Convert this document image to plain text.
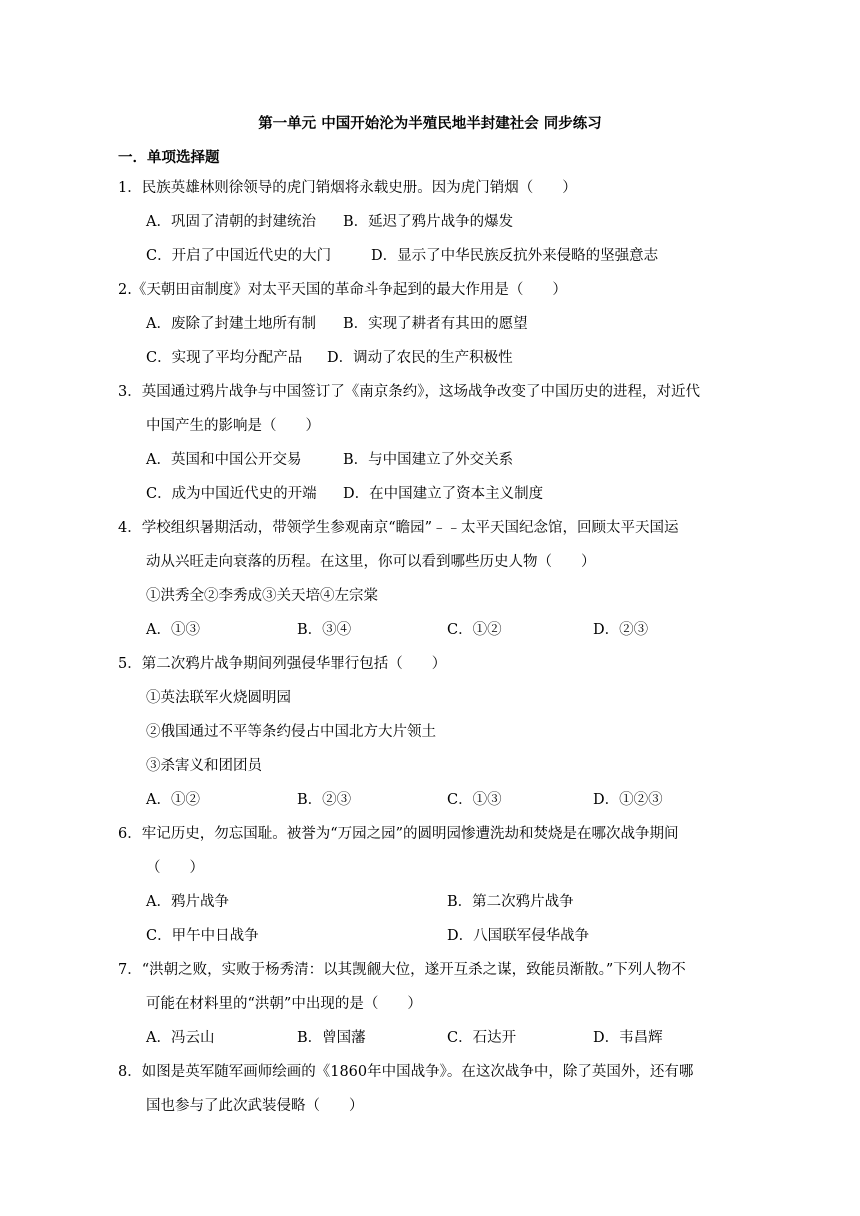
第一单元 中国开始沦为半殖民地半封建社会 同步练习
一．单项选择题
1．民族英雄林则徐领导的虎门销烟将永载史册。因为虎门销烟（　　）
A．巩固了清朝的封建统治 B．延迟了鸦片战争的爆发
C．开启了中国近代史的大门	D．显示了中华民族反抗外来侵略的坚强意志
2.《天朝田亩制度》对太平天国的革命斗争起到的最大作用是（　　）
A．废除了封建土地所有制 B．实现了耕者有其田的愿望
C．实现了平均分配产品 D．调动了农民的生产积极性
3．英国通过鸦片战争与中国签订了《南京条约》，这场战争改变了中国历史的进程，对近代
中国产生的影响是（　　）
A．英国和中国公开交易	B．与中国建立了外交关系
C．成为中国近代史的开端 D．在中国建立了资本主义制度
4．学校组织暑期活动，带领学生参观南京“瞻园”﹣﹣太平天国纪念馆，回顾太平天国运
动从兴旺走向衰落的历程。在这里，你可以看到哪些历史人物（　　）
①洪秀全②李秀成③关天培④左宗棠
A．①③	B．③④	C．①②	D．②③
5．第二次鸦片战争期间列强侵华罪行包括（　　）
①英法联军火烧圆明园
②俄国通过不平等条约侵占中国北方大片领土
③杀害义和团团员
A．①②	B．②③	C．①③	D．①②③
6．牢记历史，勿忘国耻。被誉为“万园之园”的圆明园惨遭洗劫和焚烧是在哪次战争期间
（　　）
A．鸦片战争	B．第二次鸦片战争
C．甲午中日战争	D．八国联军侵华战争
7．“洪朝之败，实败于杨秀清：以其觊觎大位，遂开互杀之谋，致能员渐散。”下列人物不
可能在材料里的“洪朝”中出现的是（　　）
A．冯云山	B．曾国藩	C．石达开	D．韦昌辉
8．如图是英军随军画师绘画的《1860年中国战争》。在这次战争中，除了英国外，还有哪
国也参与了此次武装侵略（　　）
